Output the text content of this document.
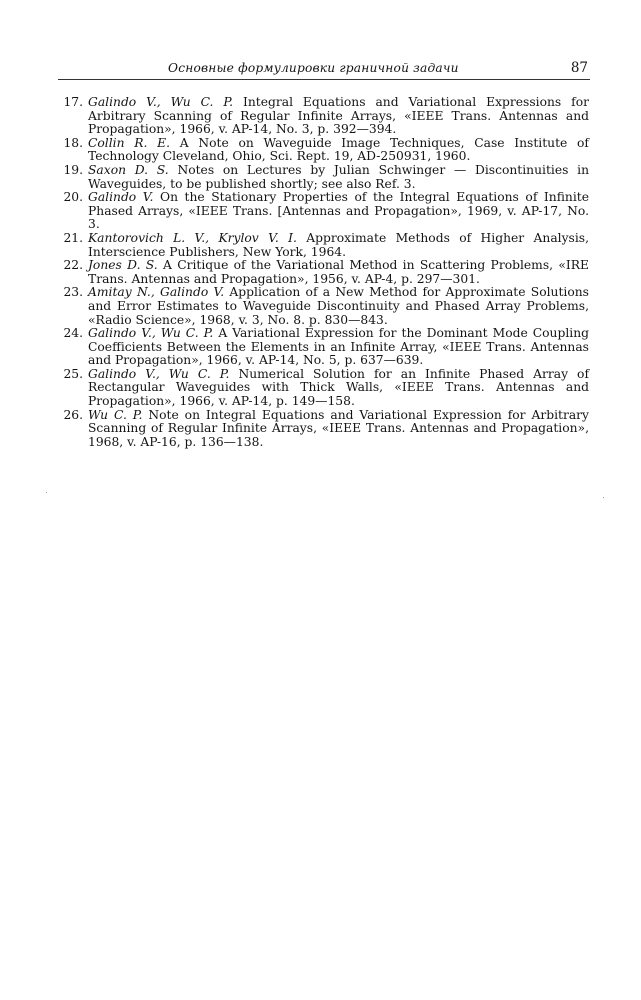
Основные формулировки граничной задачи	87
17. Galindo V., Wu C. P. Integral Equations and Variational Expressions for Arbitrary Scanning of Regular Infinite Arrays, «IEEE Trans. Antennas and Propagation», 1966, v. AP-14, No. 3, p. 392—394.
18. Collin R. E. A Note on Waveguide Image Techniques, Case Institute of Technology Cleveland, Ohio, Sci. Rept. 19, AD-250931, 1960.
19. Saxon D. S. Notes on Lectures by Julian Schwinger — Discontinuities in Waveguides, to be published shortly; see also Ref. 3.
20. Galindo V. On the Stationary Properties of the Integral Equations of Infinite Phased Arrays, «IEEE Trans. [Antennas and Propagation», 1969, v. AP-17, No. 3.
21. Kantorovich L. V., Krylov V. I. Approximate Methods of Higher Analysis, Interscience Publishers, New York, 1964.
22. Jones D. S. A Critique of the Variational Method in Scattering Problems, «IRE Trans. Antennas and Propagation», 1956, v. AP-4, p. 297—301.
23. Amitay N., Galindo V. Application of a New Method for Approximate Solutions and Error Estimates to Waveguide Discontinuity and Phased Array Problems, «Radio Science», 1968, v. 3, No. 8. p. 830—843.
24. Galindo V., Wu C. P. A Variational Expression for the Dominant Mode Coupling Coefficients Between the Elements in an Infinite Array, «IEEE Trans. Antennas and Propagation», 1966, v. AP-14, No. 5, p. 637—639.
25. Galindo V., Wu C. P. Numerical Solution for an Infinite Phased Array of Rectangular Waveguides with Thick Walls, «IEEE Trans. Antennas and Propagation», 1966, v. AP-14, p. 149—158.
26. Wu C. P. Note on Integral Equations and Variational Expression for Arbitrary Scanning of Regular Infinite Arrays, «IEEE Trans. Antennas and Propagation», 1968, v. AP-16, p. 136—138.
